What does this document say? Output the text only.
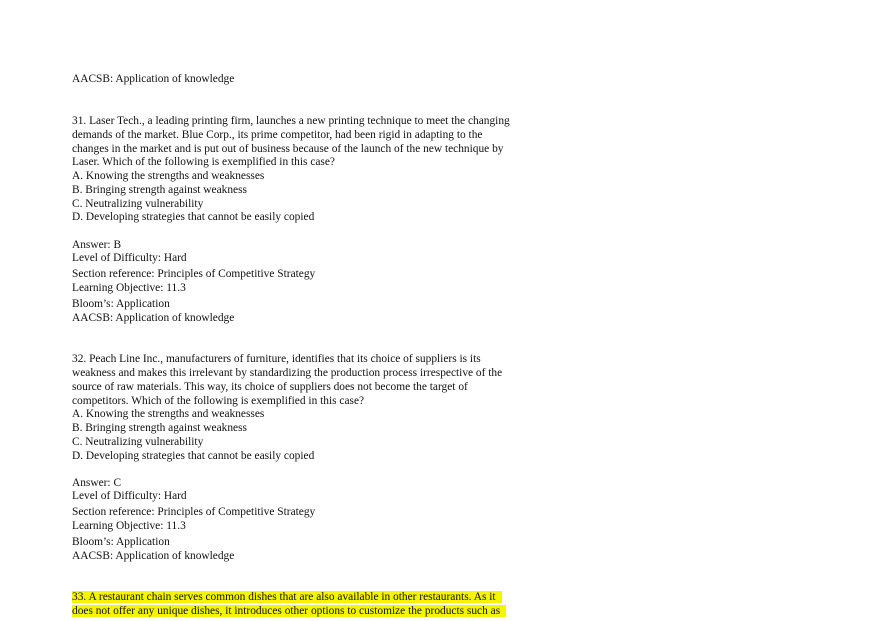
AACSB: Application of knowledge
31. Laser Tech., a leading printing firm, launches a new printing technique to meet the changing
demands of the market. Blue Corp., its prime competitor, had been rigid in adapting to the
changes in the market and is put out of business because of the launch of the new technique by
Laser. Which of the following is exemplified in this case?
A. Knowing the strengths and weaknesses
B. Bringing strength against weakness
C. Neutralizing vulnerability
D. Developing strategies that cannot be easily copied
Answer: B
Level of Difficulty: Hard
Section reference: Principles of Competitive Strategy
Learning Objective: 11.3
Bloom’s: Application
AACSB: Application of knowledge
32. Peach Line Inc., manufacturers of furniture, identifies that its choice of suppliers is its
weakness and makes this irrelevant by standardizing the production process irrespective of the
source of raw materials. This way, its choice of suppliers does not become the target of
competitors. Which of the following is exemplified in this case?
A. Knowing the strengths and weaknesses
B. Bringing strength against weakness
C. Neutralizing vulnerability
D. Developing strategies that cannot be easily copied
Answer: C
Level of Difficulty: Hard
Section reference: Principles of Competitive Strategy
Learning Objective: 11.3
Bloom’s: Application
AACSB: Application of knowledge
33. A restaurant chain serves common dishes that are also available in other restaurants. As it
does not offer any unique dishes, it introduces other options to customize the products such as
